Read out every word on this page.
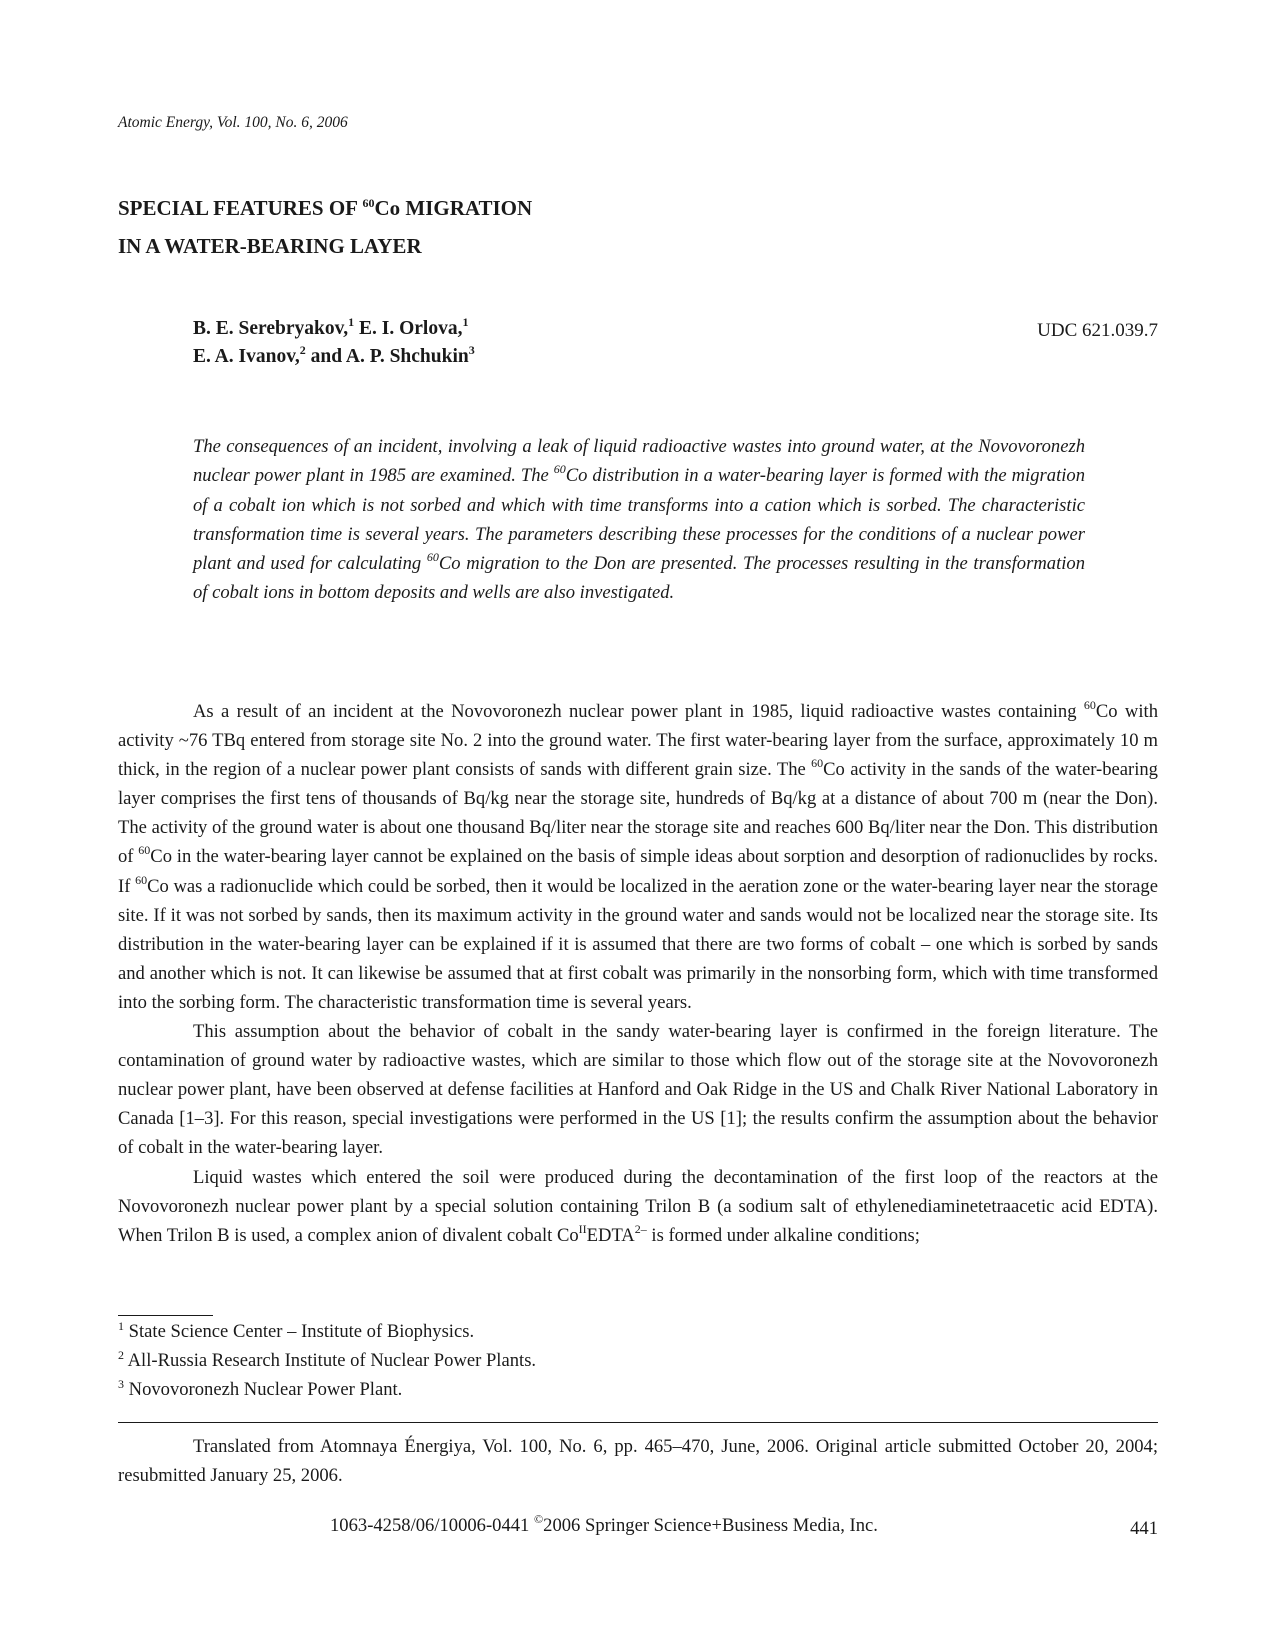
Atomic Energy, Vol. 100, No. 6, 2006
SPECIAL FEATURES OF $^{60}$Co MIGRATION
IN A WATER-BEARING LAYER
B. E. Serebryakov,$^1$ E. I. Orlova,$^1$
E. A. Ivanov,$^2$ and A. P. Shchukin$^3$
UDC 621.039.7
The consequences of an incident, involving a leak of liquid radioactive wastes into ground water, at the Novovoronezh nuclear power plant in 1985 are examined. The $^{60}$Co distribution in a water-bearing layer is formed with the migration of a cobalt ion which is not sorbed and which with time transforms into a cation which is sorbed. The characteristic transformation time is several years. The parameters describing these processes for the conditions of a nuclear power plant and used for calculating $^{60}$Co migration to the Don are presented. The processes resulting in the transformation of cobalt ions in bottom deposits and wells are also investigated.

As a result of an incident at the Novovoronezh nuclear power plant in 1985, liquid radioactive wastes containing $^{60}$Co with activity ~76 TBq entered from storage site No. 2 into the ground water. The first water-bearing layer from the surface, approximately 10 m thick, in the region of a nuclear power plant consists of sands with different grain size. The $^{60}$Co activity in the sands of the water-bearing layer comprises the first tens of thousands of Bq/kg near the storage site, hundreds of Bq/kg at a distance of about 700 m (near the Don). The activity of the ground water is about one thousand Bq/liter near the storage site and reaches 600 Bq/liter near the Don. This distribution of $^{60}$Co in the water-bearing layer cannot be explained on the basis of simple ideas about sorption and desorption of radionuclides by rocks. If $^{60}$Co was a radionuclide which could be sorbed, then it would be localized in the aeration zone or the water-bearing layer near the storage site. If it was not sorbed by sands, then its maximum activity in the ground water and sands would not be localized near the storage site. Its distribution in the water-bearing layer can be explained if it is assumed that there are two forms of cobalt – one which is sorbed by sands and another which is not. It can likewise be assumed that at first cobalt was primarily in the nonsorbing form, which with time transformed into the sorbing form. The characteristic transformation time is several years.

This assumption about the behavior of cobalt in the sandy water-bearing layer is confirmed in the foreign literature. The contamination of ground water by radioactive wastes, which are similar to those which flow out of the storage site at the Novovoronezh nuclear power plant, have been observed at defense facilities at Hanford and Oak Ridge in the US and Chalk River National Laboratory in Canada [1–3]. For this reason, special investigations were performed in the US [1]; the results confirm the assumption about the behavior of cobalt in the water-bearing layer.

Liquid wastes which entered the soil were produced during the decontamination of the first loop of the reactors at the Novovoronezh nuclear power plant by a special solution containing Trilon B (a sodium salt of ethylenediaminetetraacetic acid EDTA). When Trilon B is used, a complex anion of divalent cobalt $Co^{II}EDTA^{2-}$ is formed under alkaline conditions;

$^1$ State Science Center – Institute of Biophysics.
$^2$ All-Russia Research Institute of Nuclear Power Plants.
$^3$ Novovoronezh Nuclear Power Plant.

Translated from Atomnaya Énergiya, Vol. 100, No. 6, pp. 465–470, June, 2006. Original article submitted October 20, 2004; resubmitted January 25, 2006.

1063-4258/06/10006-0441 ©2006 Springer Science+Business Media, Inc.	441
